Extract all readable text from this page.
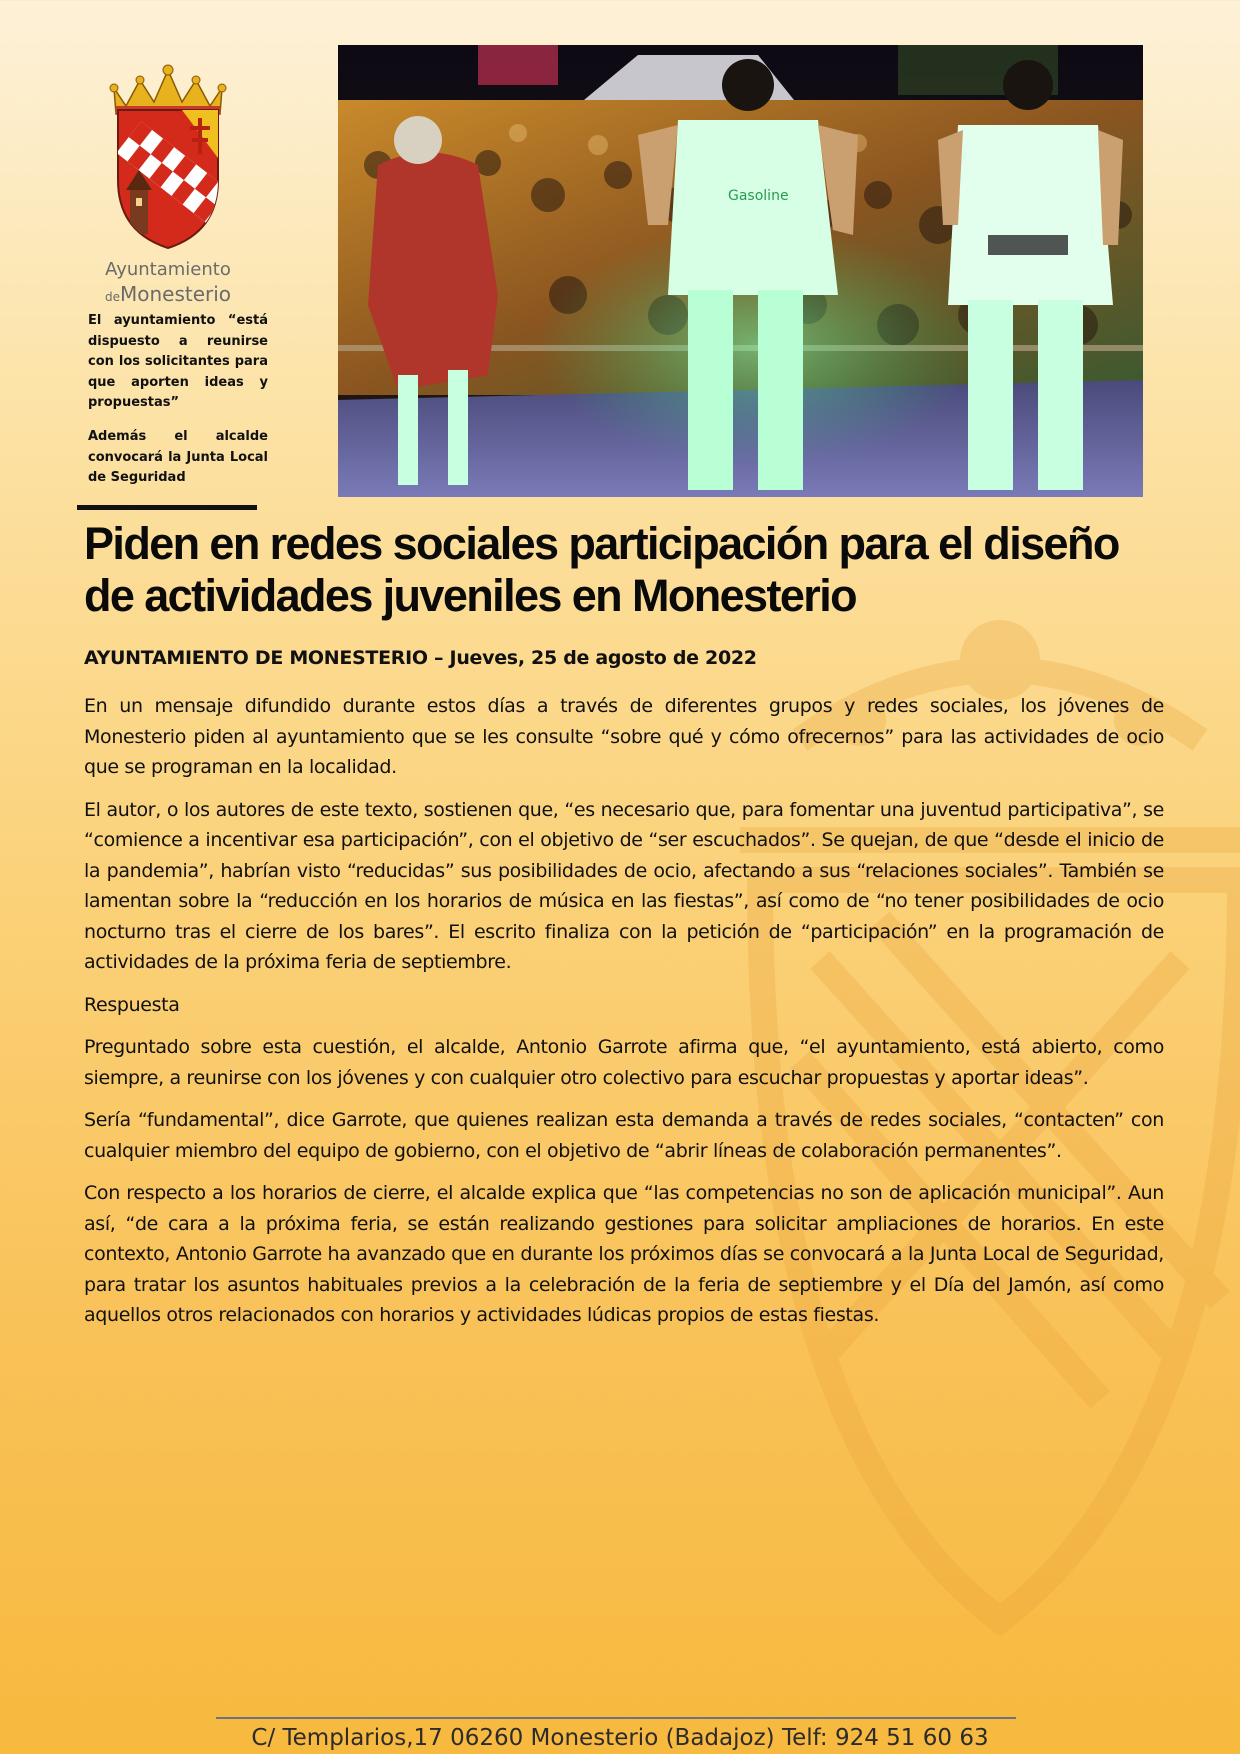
Ayuntamiento
deMonesterio
El ayuntamiento “está dispuesto a reunirse con los solicitantes para que aporten ideas y propuestas”
Además el alcalde convocará la Junta Local de Seguridad
Gasoline
Piden en redes sociales participación para el diseño de actividades juveniles en Monesterio
AYUNTAMIENTO DE MONESTERIO – Jueves, 25 de agosto de 2022

En un mensaje difundido durante estos días a través de diferentes grupos y redes sociales, los jóvenes de Monesterio piden al ayuntamiento que se les consulte “sobre qué y cómo ofrecernos” para las actividades de ocio que se programan en la localidad.

El autor, o los autores de este texto, sostienen que, “es necesario que, para fomentar una juventud participativa”, se “comience a incentivar esa participación”, con el objetivo de “ser escuchados”. Se quejan, de que “desde el inicio de la pandemia”, habrían visto “reducidas” sus posibilidades de ocio, afectando a sus “relaciones sociales”. También se lamentan sobre la “reducción en los horarios de música en las fiestas”, así como de “no tener posibilidades de ocio nocturno tras el cierre de los bares”. El escrito finaliza con la petición de “participación” en la programación de actividades de la próxima feria de septiembre.

Respuesta

Preguntado sobre esta cuestión, el alcalde, Antonio Garrote afirma que, “el ayuntamiento, está abierto, como siempre, a reunirse con los jóvenes y con cualquier otro colectivo para escuchar propuestas y aportar ideas”.

Sería “fundamental”, dice Garrote, que quienes realizan esta demanda a través de redes sociales, “contacten” con cualquier miembro del equipo de gobierno, con el objetivo de “abrir líneas de colaboración permanentes”.

Con respecto a los horarios de cierre, el alcalde explica que “las competencias no son de aplicación municipal”. Aun así, “de cara a la próxima feria, se están realizando gestiones para solicitar ampliaciones de horarios. En este contexto, Antonio Garrote ha avanzado que en durante los próximos días se convocará a la Junta Local de Seguridad, para tratar los asuntos habituales previos a la celebración de la feria de septiembre y el Día del Jamón, así como aquellos otros relacionados con horarios y actividades lúdicas propios de estas fiestas.

C/ Templarios,17 06260 Monesterio (Badajoz) Telf: 924 51 60 63
